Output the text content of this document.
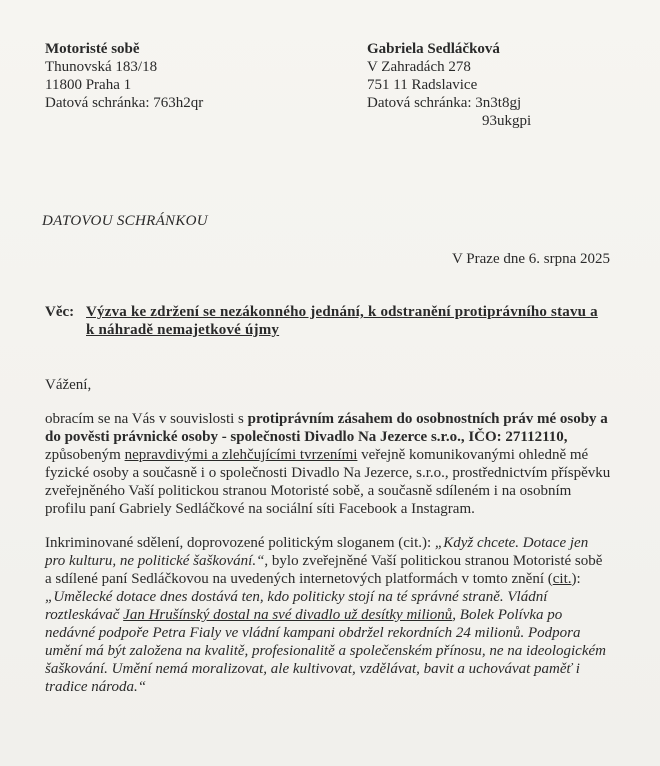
Motoristé sobě
Thunovská 183/18
11800 Praha 1
Datová schránka: 763h2qr
Gabriela Sedláčková
V Zahradách 278
751 11 Radslavice
Datová schránka: 3n3t8gj
93ukgpi
DATOVOU SCHRÁNKOU
V Praze dne 6. srpna 2025
Věc: Výzva ke zdržení se nezákonného jednání, k odstranění protiprávního stavu a
k náhradě nemajetkové újmy
Vážení,
obracím se na Vás v souvislosti s protiprávním zásahem do osobnostních práv mé osoby a
do pověsti právnické osoby - společnosti Divadlo Na Jezerce s.r.o., IČO: 27112110,
způsobeným nepravdivými a zlehčujícími tvrzeními veřejně komunikovanými ohledně mé
fyzické osoby a současně i o společnosti Divadlo Na Jezerce, s.r.o., prostřednictvím příspěvku
zveřejněného Vaší politickou stranou Motoristé sobě, a současně sdíleném i na osobním
profilu paní Gabriely Sedláčkové na sociální síti Facebook a Instagram.
Inkriminované sdělení, doprovozené politickým sloganem (cit.): „Když chcete. Dotace jen
pro kulturu, ne politické šaškování.“, bylo zveřejněné Vaší politickou stranou Motoristé sobě
a sdílené paní Sedláčkovou na uvedených internetových platformách v tomto znění (cit.):
„Umělecké dotace dnes dostává ten, kdo politicky stojí na té správné straně. Vládní
roztleskávač Jan Hrušínský dostal na své divadlo už desítky milionů, Bolek Polívka po
nedávné podpoře Petra Fialy ve vládní kampani obdržel rekordních 24 milionů. Podpora
umění má být založena na kvalitě, profesionalitě a společenském přínosu, ne na ideologickém
šaškování. Umění nemá moralizovat, ale kultivovat, vzdělávat, bavit a uchovávat paměť i
tradice národa.“
